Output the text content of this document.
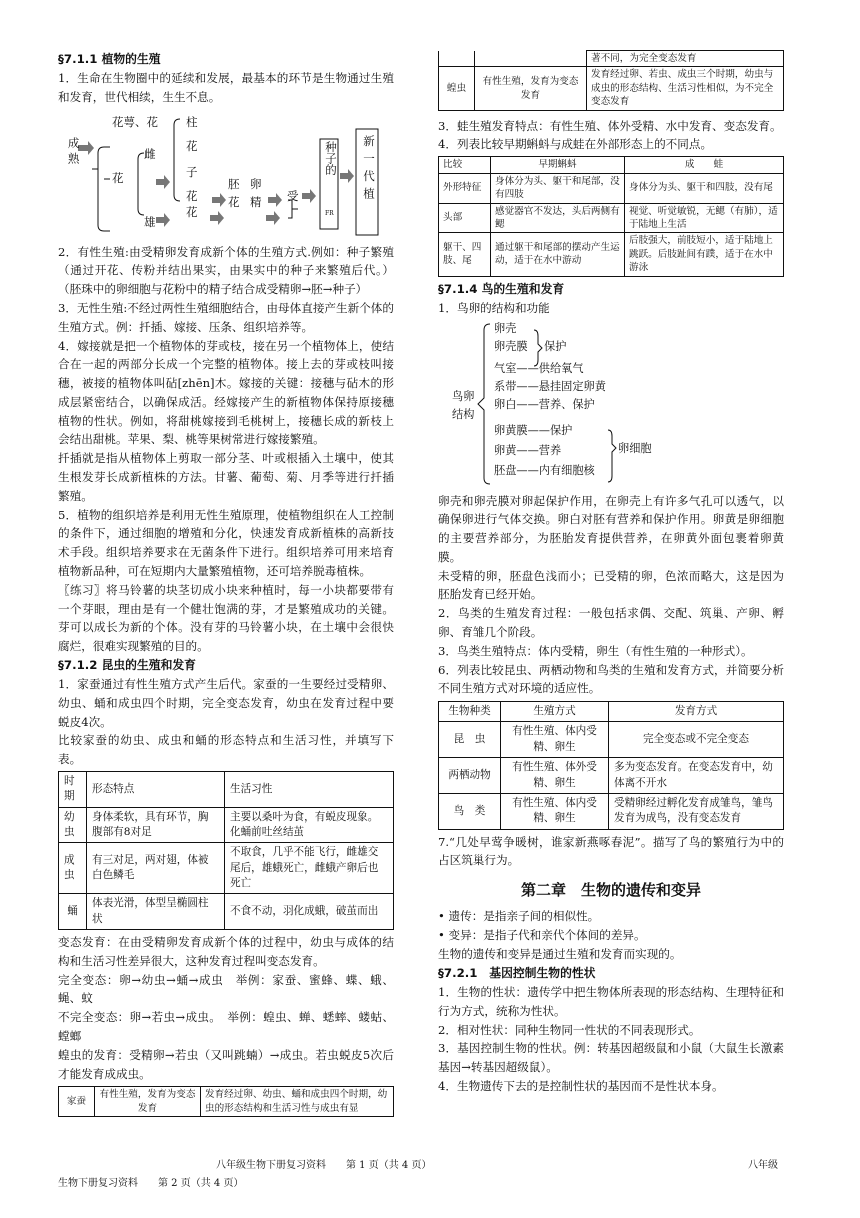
§7.1.1 植物的生殖

1．生命在生物圈中的延续和发展，最基本的环节是生物通过生殖和发育，世代相续，生生不息。

成熟
花萼、花 柱
花
花
雌
雄
子
胚 卵
花
花
花 精 受
种子的
FR
新一代植

2．有性生殖:由受精卵发育成新个体的生殖方式.例如：种子繁殖（通过开花、传粉并结出果实，由果实中的种子来繁殖后代。）（胚珠中的卵细胞与花粉中的精子结合成受精卵→胚→种子）

3．无性生殖:不经过两性生殖细胞结合，由母体直接产生新个体的生殖方式。例：扦插、嫁接、压条、组织培养等。

4．嫁接就是把一个植物体的芽或枝，接在另一个植物体上，使结合在一起的两部分长成一个完整的植物体。接上去的芽或枝叫接穗，被接的植物体叫砧[zhēn]木。嫁接的关键：接穗与砧木的形成层紧密结合，以确保成活。经嫁接产生的新植物体保持原接穗植物的性状。例如，将甜桃嫁接到毛桃树上，接穗长成的新枝上会结出甜桃。苹果、梨、桃等果树常进行嫁接繁殖。

扦插就是指从植物体上剪取一部分茎、叶或根插入土壤中，使其生根发芽长成新植株的方法。甘薯、葡萄、菊、月季等进行扦插繁殖。

5．植物的组织培养是利用无性生殖原理，使植物组织在人工控制的条件下，通过细胞的增殖和分化，快速发育成新植株的高新技术手段。组织培养要求在无菌条件下进行。组织培养可用来培育植物新品种，可在短期内大量繁殖植物，还可培养脱毒植株。

〖练习〗将马铃薯的块茎切成小块来种植时，每一小块都要带有一个芽眼，理由是有一个健壮饱满的芽，才是繁殖成功的关键。芽可以成长为新的个体。没有芽的马铃薯小块，在土壤中会很快腐烂，很难实现繁殖的目的。

§7.1.2 昆虫的生殖和发育

1．家蚕通过有性生殖方式产生后代。家蚕的一生要经过受精卵、幼虫、蛹和成虫四个时期，完全变态发育，幼虫在发育过程中要蜕皮4次。

比较家蚕的幼虫、成虫和蛹的形态特点和生活习性，并填写下表。

时期	形态特点	生活习性
幼虫	身体柔软，具有环节，胸腹部有8对足	主要以桑叶为食，有蜕皮现象。化蛹前吐丝结茧
成虫	有三对足，两对翅，体被白色鳞毛	不取食，几乎不能飞行，雌雄交尾后，雄蛾死亡，雌蛾产卵后也死亡
蛹	体表光滑，体型呈椭圆柱状	不食不动，羽化成蛾，破茧而出

变态发育：在由受精卵发育成新个体的过程中，幼虫与成体的结构和生活习性差异很大，这种发育过程叫变态发育。

完全变态：卵→幼虫→蛹→成虫　举例：家蚕、蜜蜂、蝶、蛾、蝇、蚊

不完全变态：卵→若虫→成虫。　举例：蝗虫、蝉、蟋蟀、蝼蛄、螳螂

蝗虫的发育：受精卵→若虫（又叫跳蝻）→成虫。若虫蜕皮5次后才能发育成成虫。

家蚕	有性生殖，发育为变态发育	发育经过卵、幼虫、蛹和成虫四个时期，幼虫的形态结构和生活习性与成虫有显
		著不同，为完全变态发育
蝗虫	有性生殖，发育为变态发育	发育经过卵、若虫、成虫三个时期，幼虫与成虫的形态结构、生活习性相似，为不完全变态发育

3．蛙生殖发育特点：有性生殖、体外受精、水中发育、变态发育。

4．列表比较早期蝌蚪与成蛙在外部形态上的不同点。

比较	早期蝌蚪	成　　蛙
外形特征	身体分为头、躯干和尾部，没有四肢	身体分为头、躯干和四肢，没有尾
头部	感觉器官不发达，头后两侧有鳃	视觉、听觉敏锐，无鳃（有肺），适于陆地上生活
躯干、四肢、尾	通过躯干和尾部的摆动产生运动，适于在水中游动	后肢强大，前肢短小，适于陆地上跳跃。后肢趾间有蹼，适于在水中游泳
§7.1.4 鸟的生殖和发育

1．鸟卵的结构和功能

鸟卵结构
卵壳
卵壳膜 保护
气室——供给氧气
系带——悬挂固定卵黄
卵白——营养、保护
卵黄膜——保护
卵黄——营养
胚盘——内有细胞核
卵细胞

卵壳和卵壳膜对卵起保护作用，在卵壳上有许多气孔可以透气，以确保卵进行气体交换。卵白对胚有营养和保护作用。卵黄是卵细胞的主要营养部分，为胚胎发育提供营养，在卵黄外面包裹着卵黄膜。

未受精的卵，胚盘色浅而小；已受精的卵，色浓而略大，这是因为胚胎发育已经开始。

2．鸟类的生殖发育过程：一般包括求偶、交配、筑巢、产卵、孵卵、育雏几个阶段。

3．鸟类生殖特点：体内受精，卵生（有性生殖的一种形式）。

6．列表比较昆虫、两栖动物和鸟类的生殖和发育方式，并简要分析不同生殖方式对环境的适应性。

生物种类	生殖方式	发育方式
昆　虫	有性生殖、体内受精、卵生	完全变态或不完全变态
两栖动物	有性生殖、体外受精、卵生	多为变态发育。在变态发育中，幼体离不开水
鸟　类	有性生殖、体内受精、卵生	受精卵经过孵化发育成雏鸟，雏鸟发育为成鸟，没有变态发育

7.“几处早莺争暖树，谁家新燕啄春泥”。描写了鸟的繁殖行为中的占区筑巢行为。

第二章　生物的遗传和变异

• 遗传：是指亲子间的相似性。

• 变异：是指子代和亲代个体间的差异。

生物的遗传和变异是通过生殖和发育而实现的。

§7.2.1　基因控制生物的性状

1．生物的性状：遗传学中把生物体所表现的形态结构、生理特征和行为方式，统称为性状。

2．相对性状：同种生物同一性状的不同表现形式。

3．基因控制生物的性状。例：转基因超级鼠和小鼠（大鼠生长激素基因→转基因超级鼠）。

4．生物遗传下去的是控制性状的基因而不是性状本身。

八年级生物下册复习资料　　第 1 页（共 4 页）	八年级
生物下册复习资料　　第 2 页（共 4 页）
